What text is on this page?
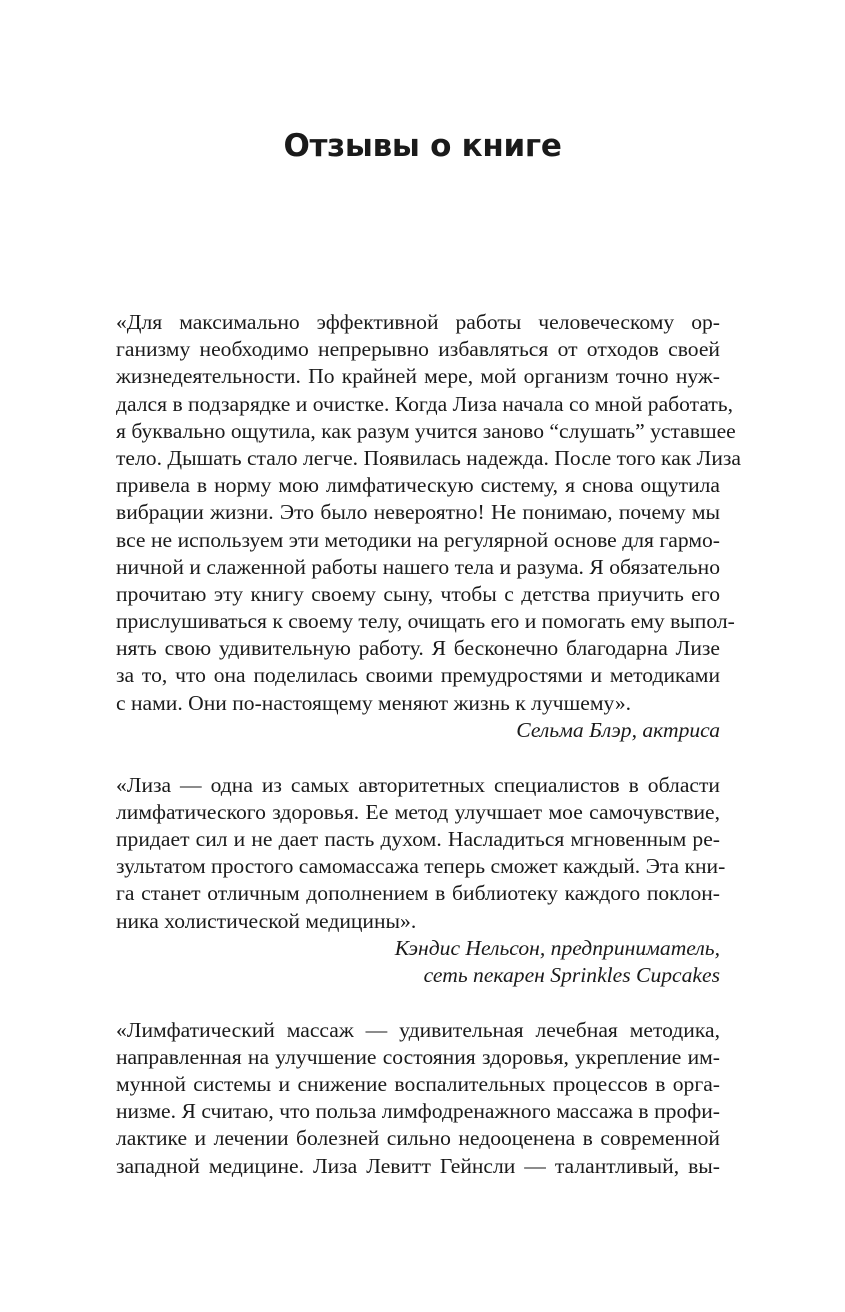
Отзывы о книге
«Для максимально эффективной работы человеческому ор-
ганизму необходимо непрерывно избавляться от отходов своей
жизнедеятельности. По крайней мере, мой организм точно нуж-
дался в подзарядке и очистке. Когда Лиза начала со мной работать,
я буквально ощутила, как разум учится заново “слушать” уставшее
тело. Дышать стало легче. Появилась надежда. После того как Лиза
привела в норму мою лимфатическую систему, я снова ощутила
вибрации жизни. Это было невероятно! Не понимаю, почему мы
все не используем эти методики на регулярной основе для гармо-
ничной и слаженной работы нашего тела и разума. Я обязательно
прочитаю эту книгу своему сыну, чтобы с детства приучить его
прислушиваться к своему телу, очищать его и помогать ему выпол-
нять свою удивительную работу. Я бесконечно благодарна Лизе
за то, что она поделилась своими премудростями и методиками
с нами. Они по-настоящему меняют жизнь к лучшему».
Сельма Блэр, актриса
«Лиза — одна из самых авторитетных специалистов в области
лимфатического здоровья. Ее метод улучшает мое самочувствие,
придает сил и не дает пасть духом. Насладиться мгновенным ре-
зультатом простого самомассажа теперь сможет каждый. Эта кни-
га станет отличным дополнением в библиотеку каждого поклон-
ника холистической медицины».
Кэндис Нельсон, предприниматель,
сеть пекарен Sprinkles Cupcakes
«Лимфатический массаж — удивительная лечебная методика,
направленная на улучшение состояния здоровья, укрепление им-
мунной системы и снижение воспалительных процессов в орга-
низме. Я считаю, что польза лимфодренажного массажа в профи-
лактике и лечении болезней сильно недооценена в современной
западной медицине. Лиза Левитт Гейнсли — талантливый, вы-
